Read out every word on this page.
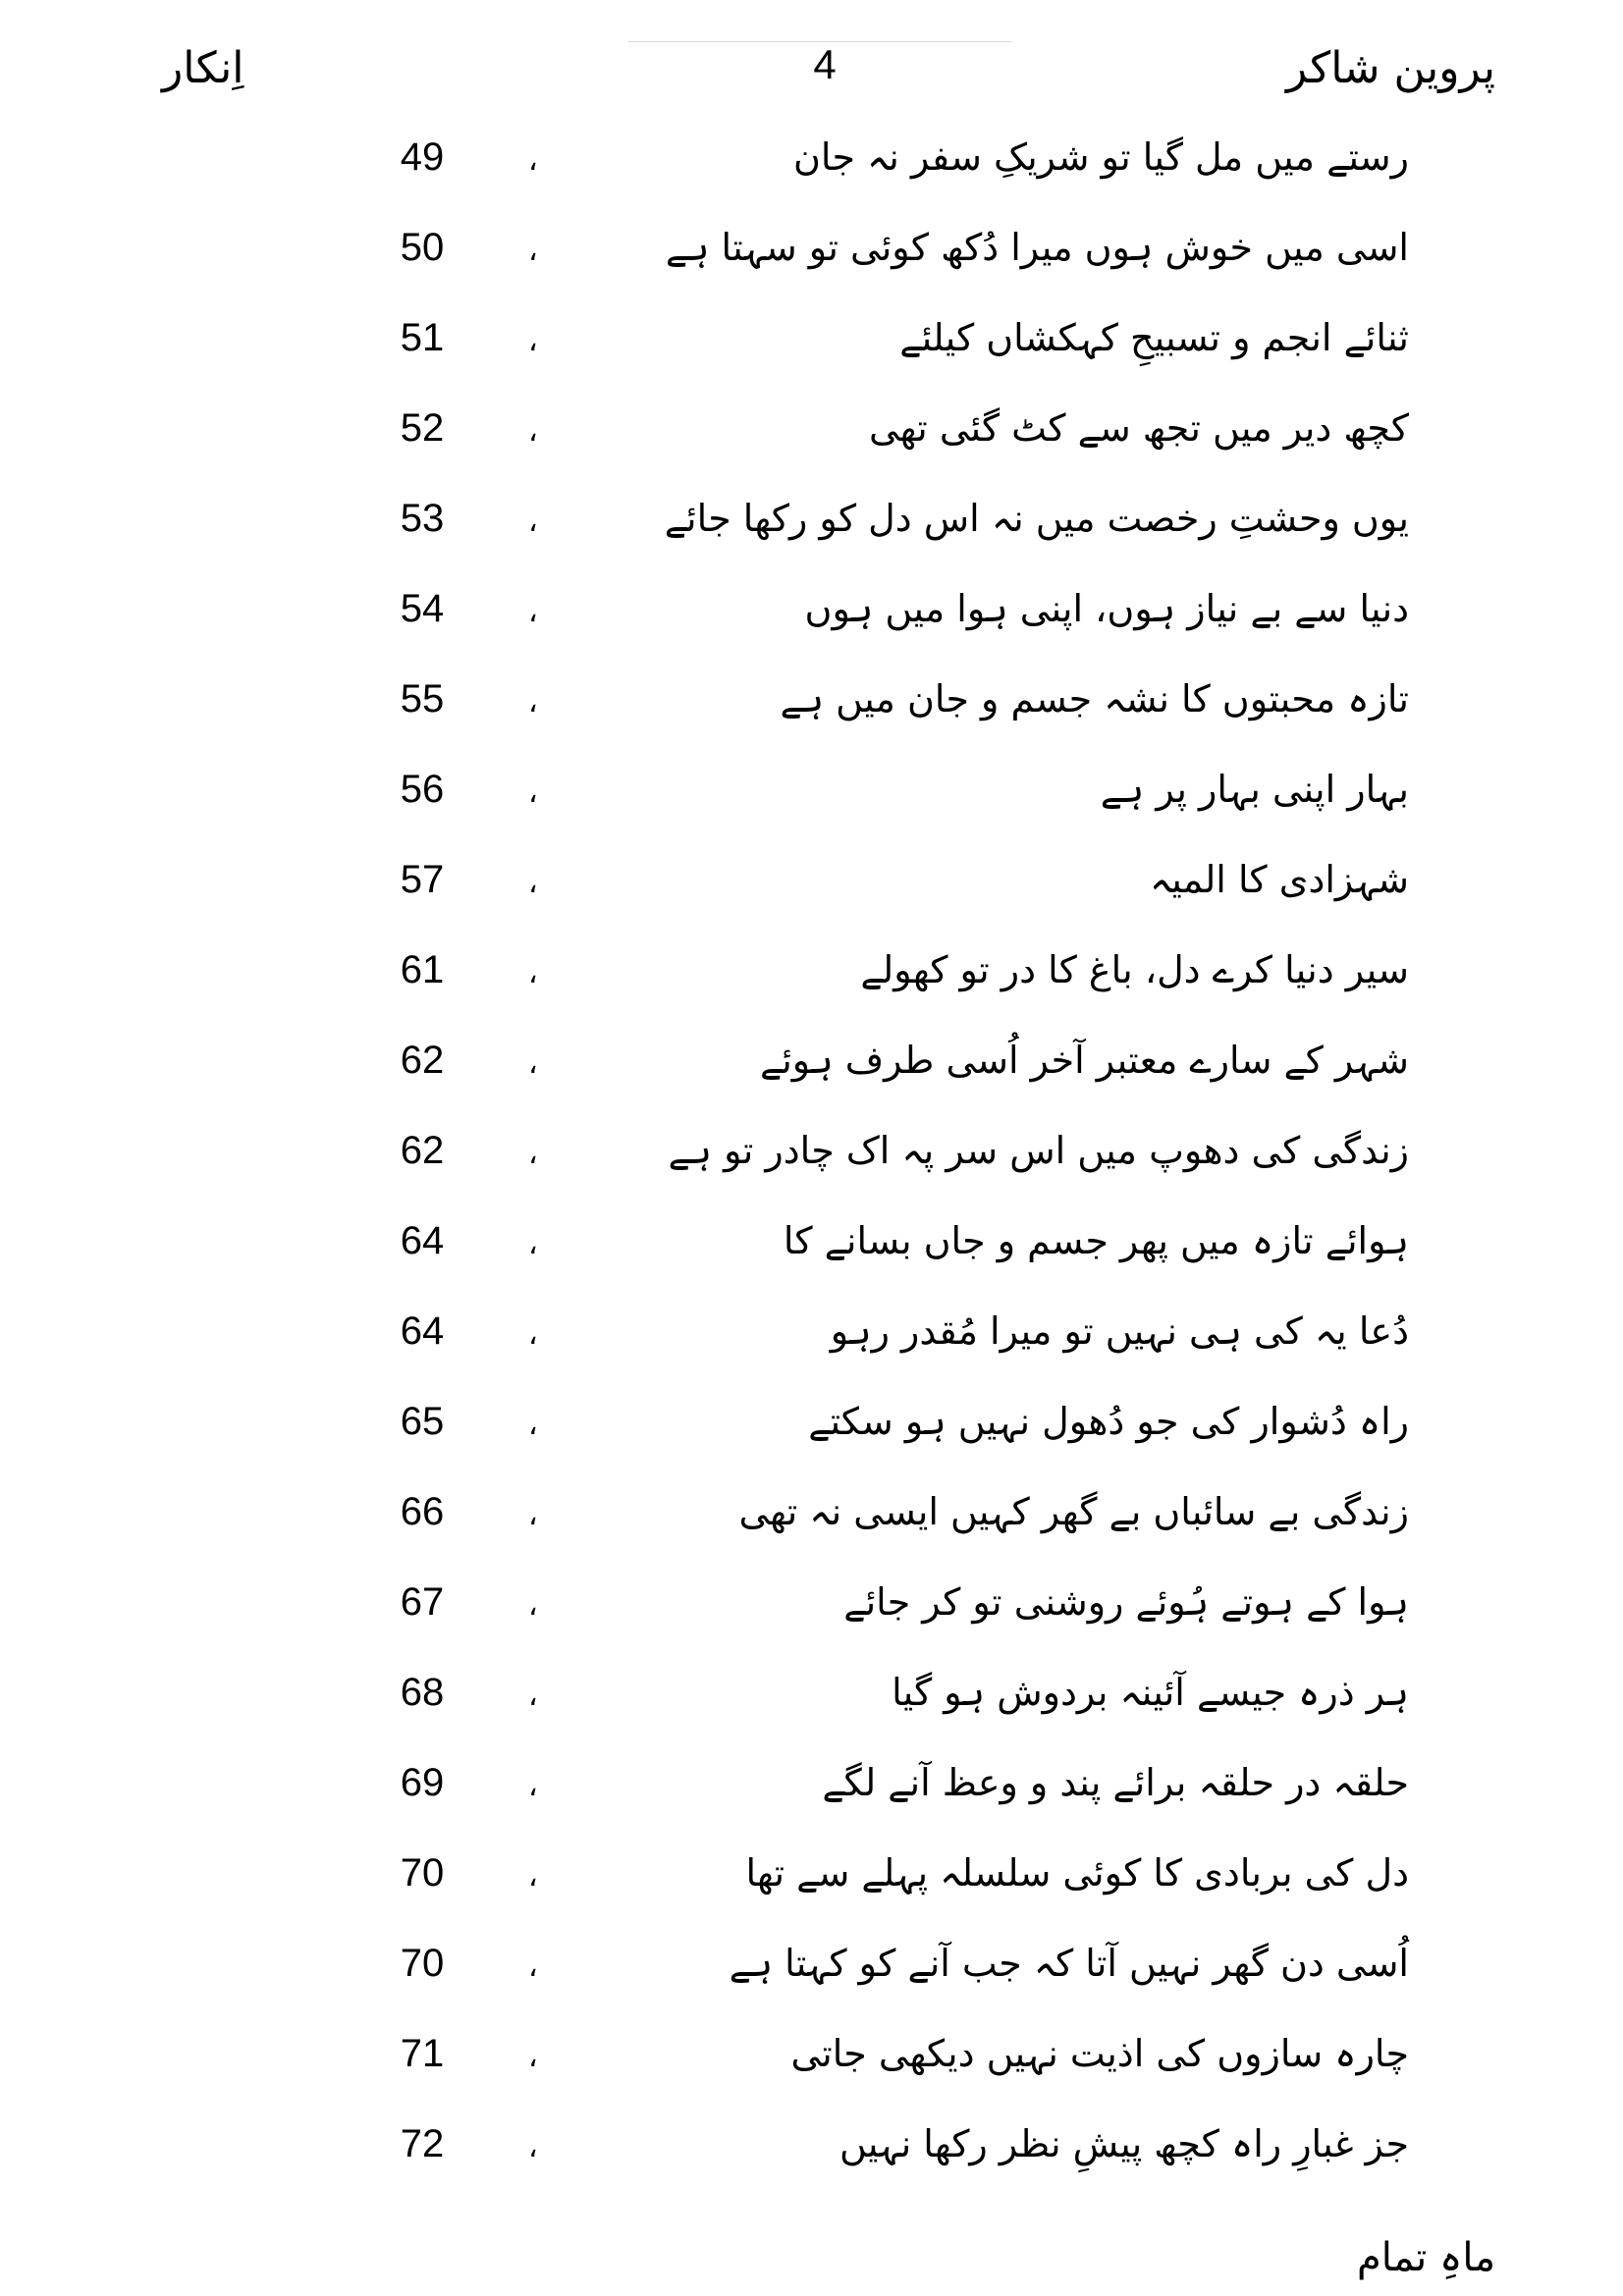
اِنکار	4	پروین شاکر
رستے میں مل گیا تو شریکِ سفر نہ جان
،
49
اسی میں خوش ہوں میرا دُکھ کوئی تو سہتا ہے
،
50
ثنائے انجم و تسبیحِ کہکشاں کیلئے
،
51
کچھ دیر میں تجھ سے کٹ گئی تھی
،
52
یوں وحشتِ رخصت میں نہ اس دل کو رکھا جائے
،
53
دنیا سے بے نیاز ہوں، اپنی ہوا میں ہوں
،
54
تازہ محبتوں کا نشہ جسم و جان میں ہے
،
55
بہار اپنی بہار پر ہے
،
56
شہزادی کا المیہ
،
57
سیر دنیا کرے دل، باغ کا در تو کھولے
،
61
شہر کے سارے معتبر آخر اُسی طرف ہوئے
،
62
زندگی کی دھوپ میں اس سر پہ اک چادر تو ہے
،
62
ہوائے تازہ میں پھر جسم و جاں بسانے کا
،
64
دُعا یہ کی ہی نہیں تو میرا مُقدر رہو
،
64
راہ دُشوار کی جو دُھول نہیں ہو سکتے
،
65
زندگی بے سائباں بے گھر کہیں ایسی نہ تھی
،
66
ہوا کے ہوتے ہُوئے روشنی تو کر جائے
،
67
ہر ذرہ جیسے آئینہ بردوش ہو گیا
،
68
حلقہ در حلقہ برائے پند و وعظ آنے لگے
،
69
دل کی بربادی کا کوئی سلسلہ پہلے سے تھا
،
70
اُسی دن گھر نہیں آتا کہ جب آنے کو کہتا ہے
،
70
چارہ سازوں کی اذیت نہیں دیکھی جاتی
،
71
جز غبارِ راہ کچھ پیشِ نظر رکھا نہیں
،
72
ماہِ تمام
